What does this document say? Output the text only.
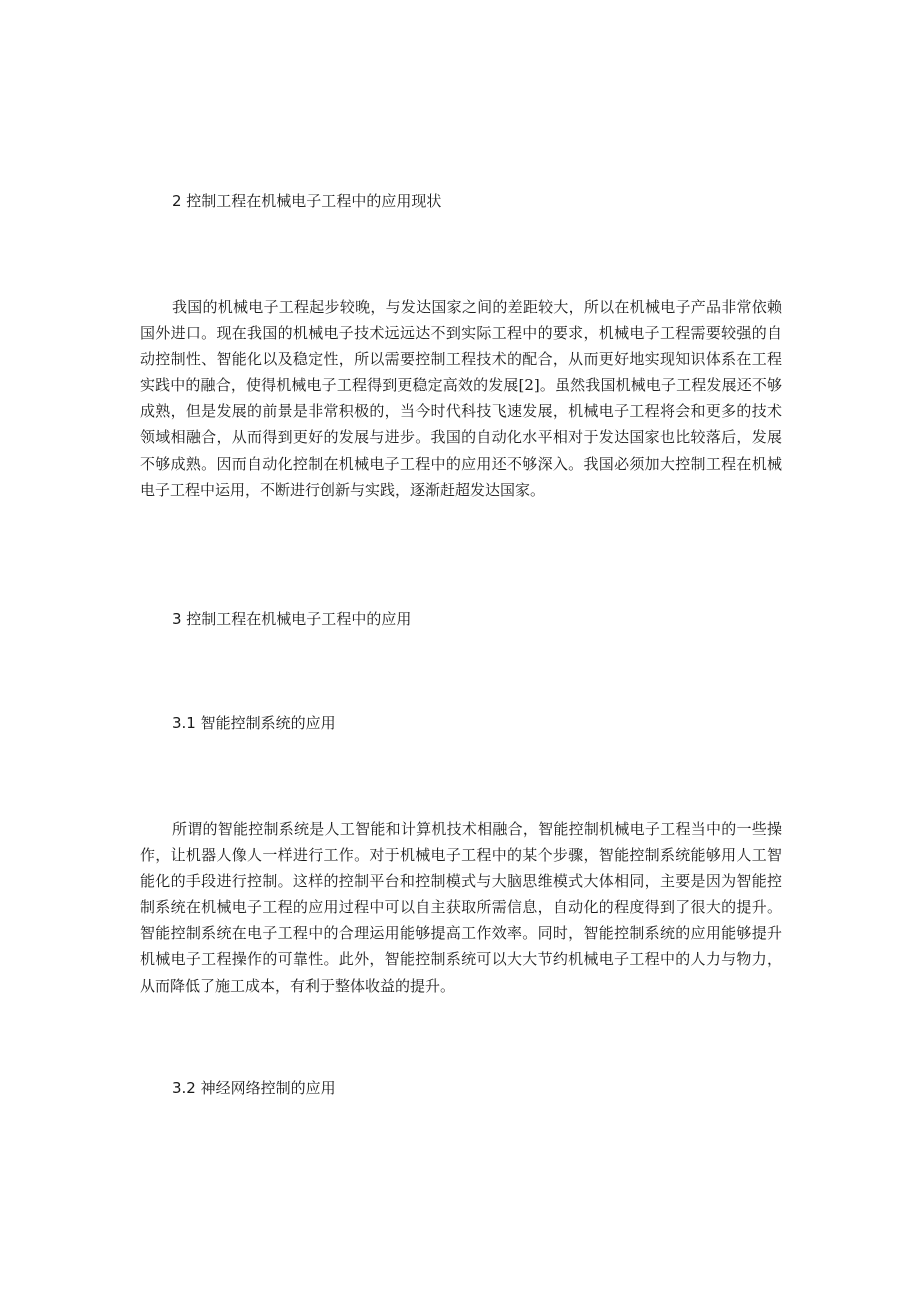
2 控制工程在机械电子工程中的应用现状

我国的机械电子工程起步较晚，与发达国家之间的差距较大，所以在机械电子产品非常依赖国外进口。现在我国的机械电子技术远远达不到实际工程中的要求，机械电子工程需要较强的自动控制性、智能化以及稳定性，所以需要控制工程技术的配合，从而更好地实现知识体系在工程实践中的融合，使得机械电子工程得到更稳定高效的发展[2]。虽然我国机械电子工程发展还不够成熟，但是发展的前景是非常积极的，当今时代科技飞速发展，机械电子工程将会和更多的技术领域相融合，从而得到更好的发展与进步。我国的自动化水平相对于发达国家也比较落后，发展不够成熟。因而自动化控制在机械电子工程中的应用还不够深入。我国必须加大控制工程在机械电子工程中运用，不断进行创新与实践，逐渐赶超发达国家。

3 控制工程在机械电子工程中的应用
3.1 智能控制系统的应用

所谓的智能控制系统是人工智能和计算机技术相融合，智能控制机械电子工程当中的一些操作，让机器人像人一样进行工作。对于机械电子工程中的某个步骤，智能控制系统能够用人工智能化的手段进行控制。这样的控制平台和控制模式与大脑思维模式大体相同，主要是因为智能控制系统在机械电子工程的应用过程中可以自主获取所需信息，自动化的程度得到了很大的提升。智能控制系统在电子工程中的合理运用能够提高工作效率。同时，智能控制系统的应用能够提升机械电子工程操作的可靠性。此外，智能控制系统可以大大节约机械电子工程中的人力与物力，从而降低了施工成本，有利于整体收益的提升。

3.2 神经网络控制的应用
